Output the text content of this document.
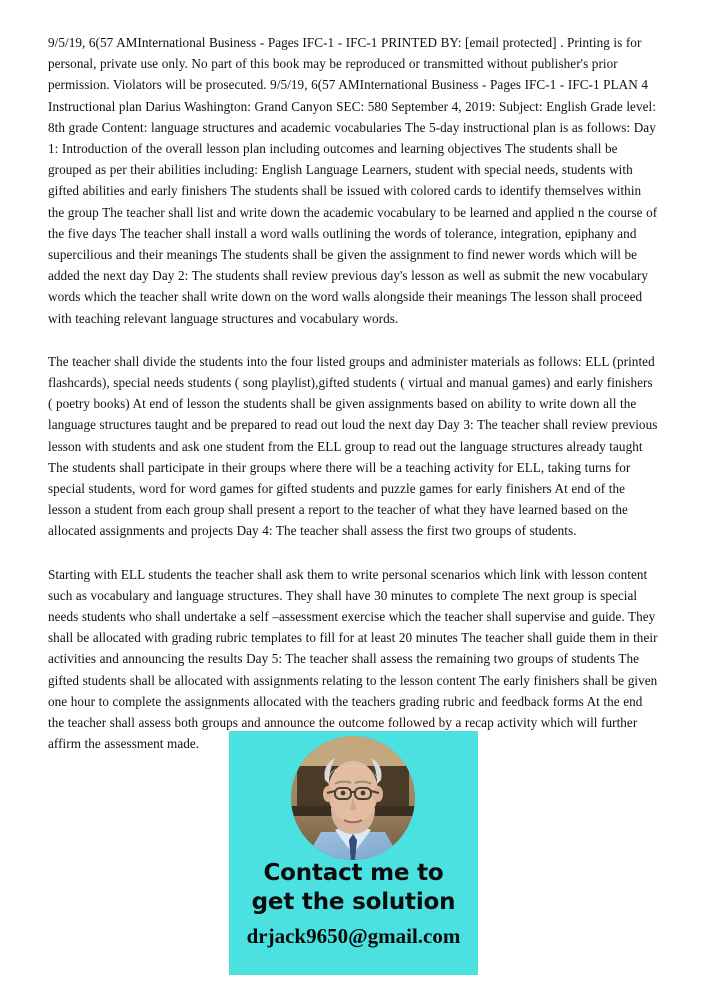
9/5/19, 6(57 AMInternational Business - Pages IFC-1 - IFC-1 PRINTED BY: [email protected] . Printing is for personal, private use only. No part of this book may be reproduced or transmitted without publisher's prior permission. Violators will be prosecuted. 9/5/19, 6(57 AMInternational Business - Pages IFC-1 - IFC-1 PLAN 4 Instructional plan Darius Washington: Grand Canyon SEC: 580 September 4, 2019: Subject: English Grade level: 8th grade Content: language structures and academic vocabularies The 5-day instructional plan is as follows: Day 1: Introduction of the overall lesson plan including outcomes and learning objectives The students shall be grouped as per their abilities including: English Language Learners, student with special needs, students with gifted abilities and early finishers The students shall be issued with colored cards to identify themselves within the group The teacher shall list and write down the academic vocabulary to be learned and applied n the course of the five days The teacher shall install a word walls outlining the words of tolerance, integration, epiphany and supercilious and their meanings The students shall be given the assignment to find newer words which will be added the next day Day 2: The students shall review previous day's lesson as well as submit the new vocabulary words which the teacher shall write down on the word walls alongside their meanings The lesson shall proceed with teaching relevant language structures and vocabulary words.

The teacher shall divide the students into the four listed groups and administer materials as follows: ELL (printed flashcards), special needs students ( song playlist),gifted students ( virtual and manual games) and early finishers ( poetry books) At end of lesson the students shall be given assignments based on ability to write down all the language structures taught and be prepared to read out loud the next day Day 3: The teacher shall review previous lesson with students and ask one student from the ELL group to read out the language structures already taught The students shall participate in their groups where there will be a teaching activity for ELL, taking turns for special students, word for word games for gifted students and puzzle games for early finishers At end of the lesson a student from each group shall present a report to the teacher of what they have learned based on the allocated assignments and projects Day 4: The teacher shall assess the first two groups of students.

Starting with ELL students the teacher shall ask them to write personal scenarios which link with lesson content such as vocabulary and language structures. They shall have 30 minutes to complete The next group is special needs students who shall undertake a self –assessment exercise which the teacher shall supervise and guide. They shall be allocated with grading rubric templates to fill for at least 20 minutes The teacher shall guide them in their activities and announcing the results Day 5: The teacher shall assess the remaining two groups of students The gifted students shall be allocated with assignments relating to the lesson content The early finishers shall be given one hour to complete the assignments allocated with the teachers grading rubric and feedback forms At the end the teacher shall assess both groups and announce the outcome followed by a recap activity which will further affirm the assessment made.

Contact me to
get the solution
drjack9650@gmail.com
